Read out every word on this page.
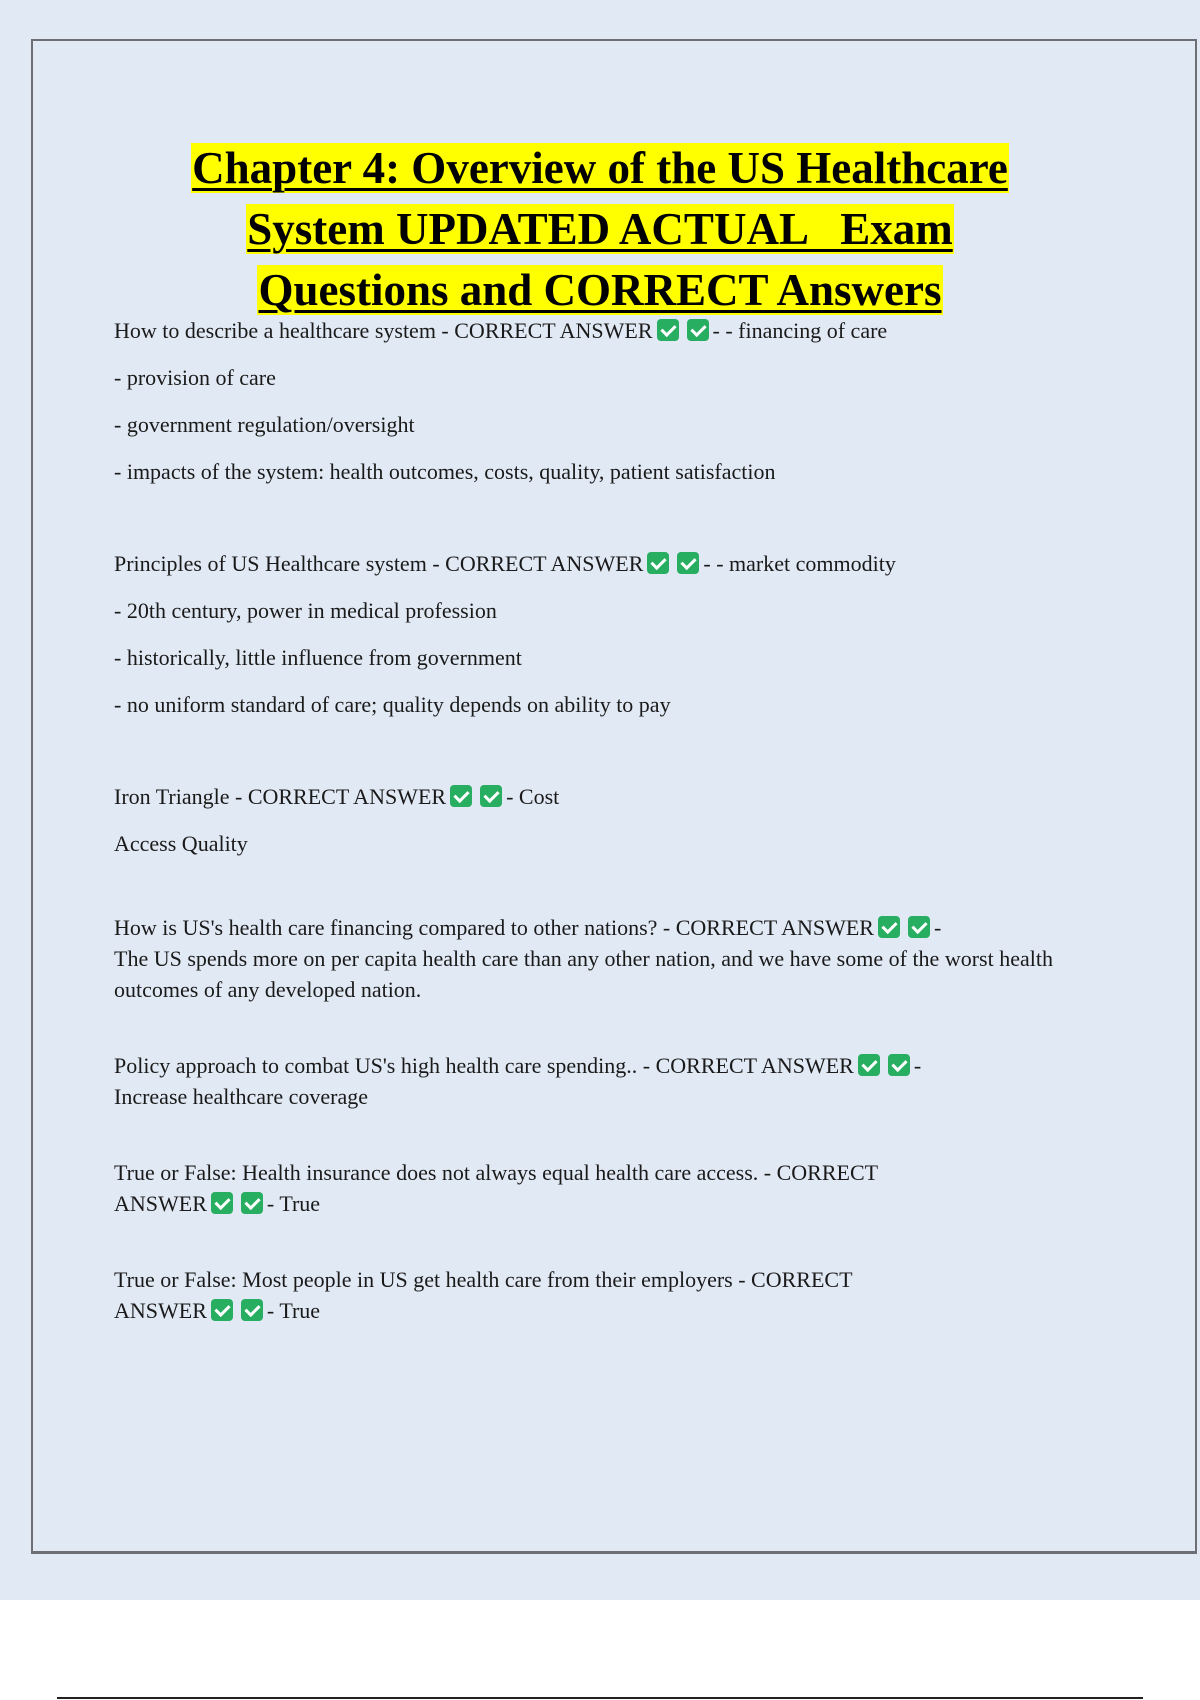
Chapter 4: Overview of the US Healthcare
System UPDATED ACTUAL   Exam
Questions and CORRECT Answers

How to describe a healthcare system - CORRECT ANSWER	- - financing of care

- provision of care

- government regulation/oversight

- impacts of the system: health outcomes, costs, quality, patient satisfaction

Principles of US Healthcare system - CORRECT ANSWER	- - market commodity

- 20th century, power in medical profession

- historically, little influence from government

- no uniform standard of care; quality depends on ability to pay

Iron Triangle - CORRECT ANSWER	- Cost

Access Quality

How is US's health care financing compared to other nations? - CORRECT ANSWER	-

The US spends more on per capita health care than any other nation, and we have some of the worst health outcomes of any developed nation.

Policy approach to combat US's high health care spending.. - CORRECT ANSWER	-

Increase healthcare coverage

True or False: Health insurance does not always equal health care access. - CORRECT

ANSWER	- True

True or False: Most people in US get health care from their employers - CORRECT

ANSWER	- True
